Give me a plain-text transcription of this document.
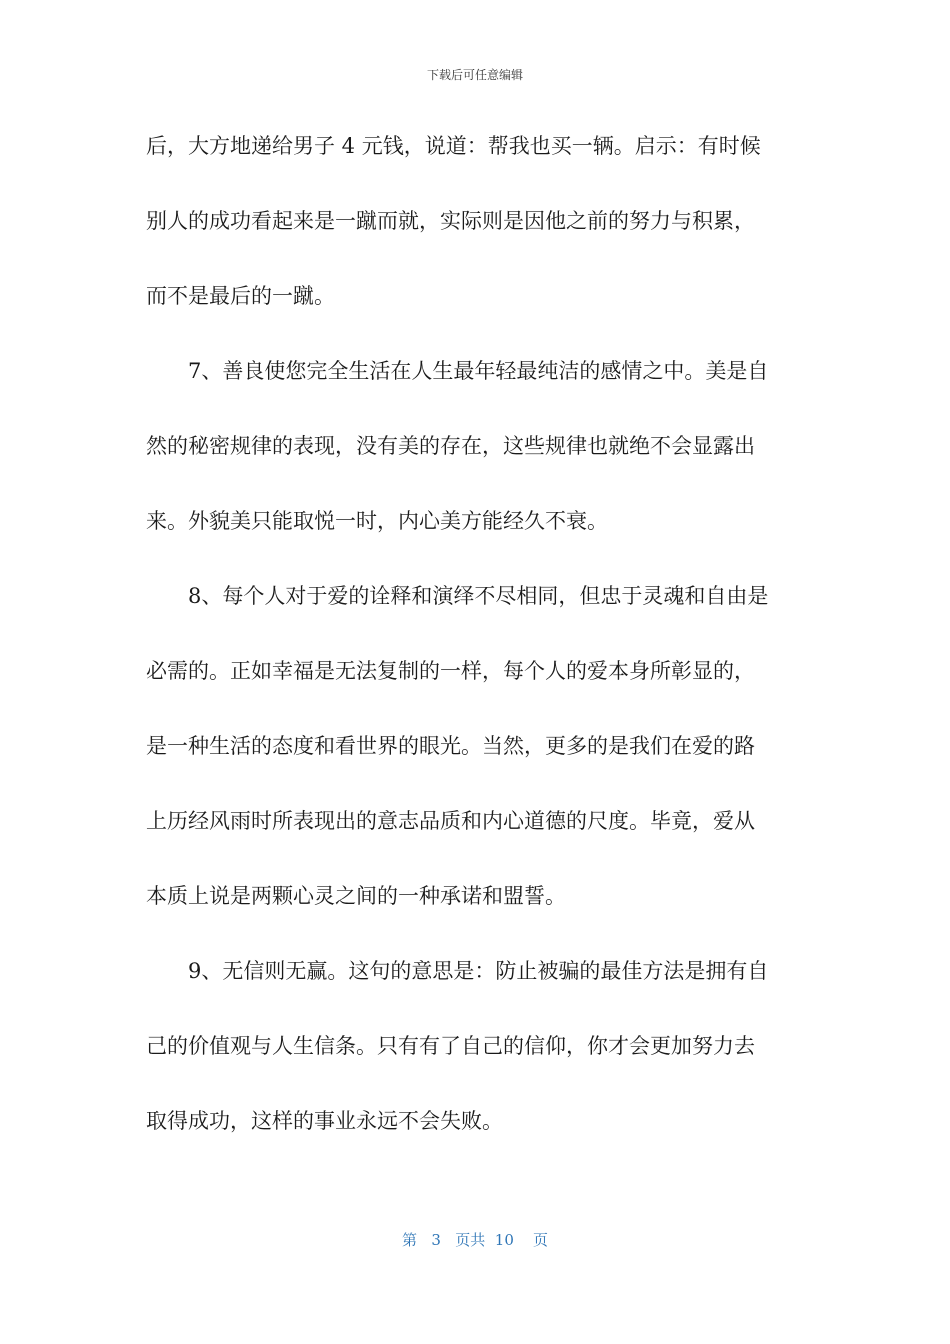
下载后可任意编辑
后，大方地递给男子 4 元钱，说道：帮我也买一辆。启示：有时候
别人的成功看起来是一蹴而就，实际则是因他之前的努力与积累，
而不是最后的一蹴。
　　7、善良使您完全生活在人生最年轻最纯洁的感情之中。美是自
然的秘密规律的表现，没有美的存在，这些规律也就绝不会显露出
来。外貌美只能取悦一时，内心美方能经久不衰。
　　8、每个人对于爱的诠释和演绎不尽相同，但忠于灵魂和自由是
必需的。正如幸福是无法复制的一样，每个人的爱本身所彰显的，
是一种生活的态度和看世界的眼光。当然，更多的是我们在爱的路
上历经风雨时所表现出的意志品质和内心道德的尺度。毕竟，爱从
本质上说是两颗心灵之间的一种承诺和盟誓。
　　9、无信则无赢。这句的意思是：防止被骗的最佳方法是拥有自
己的价值观与人生信条。只有有了自己的信仰，你才会更加努力去
取得成功，这样的事业永远不会失败。
第 3 页共 10 页
